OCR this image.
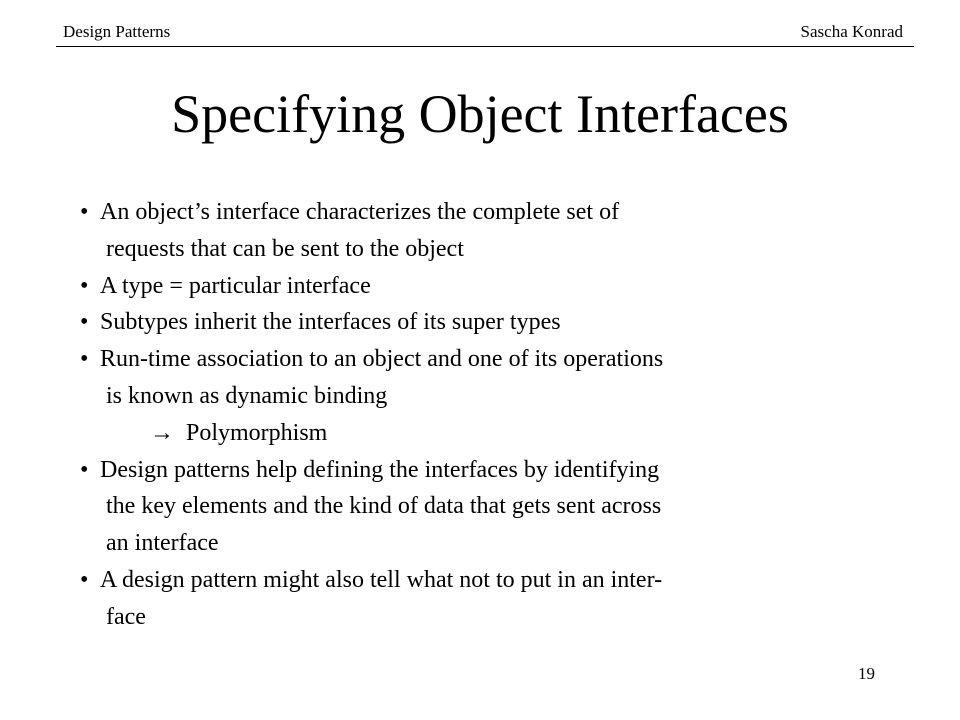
Design Patterns	Sascha Konrad
Specifying Object Interfaces
• An object’s interface characterizes the complete set of
requests that can be sent to the object
• A type = particular interface
• Subtypes inherit the interfaces of its super types
• Run-time association to an object and one of its operations
is known as dynamic binding
→ Polymorphism
• Design patterns help defining the interfaces by identifying
the key elements and the kind of data that gets sent across
an interface
• A design pattern might also tell what not to put in an inter-
face
19
